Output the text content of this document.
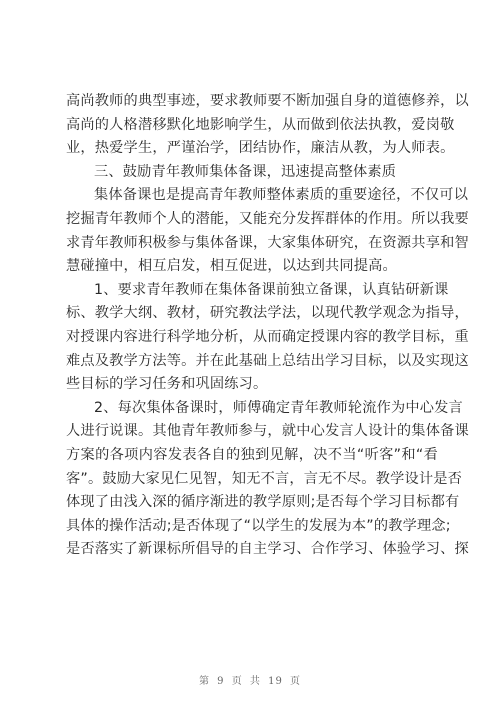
高尚教师的典型事迹，要求教师要不断加强自身的道德修养，以
高尚的人格潜移默化地影响学生，从而做到依法执教，爱岗敬
业，热爱学生，严谨治学，团结协作，廉洁从教，为人师表。
三、鼓励青年教师集体备课，迅速提高整体素质
集体备课也是提高青年教师整体素质的重要途径，不仅可以
挖掘青年教师个人的潜能，又能充分发挥群体的作用。所以我要
求青年教师积极参与集体备课，大家集体研究，在资源共享和智
慧碰撞中，相互启发，相互促进，以达到共同提高。
1、要求青年教师在集体备课前独立备课，认真钻研新课
标、教学大纲、教材，研究教法学法，以现代教学观念为指导，
对授课内容进行科学地分析，从而确定授课内容的教学目标，重
难点及教学方法等。并在此基础上总结出学习目标，以及实现这
些目标的学习任务和巩固练习。
2、每次集体备课时，师傅确定青年教师轮流作为中心发言
人进行说课。其他青年教师参与，就中心发言人设计的集体备课
方案的各项内容发表各自的独到见解，决不当“听客”和“看
客”。鼓励大家见仁见智，知无不言，言无不尽。教学设计是否
体现了由浅入深的循序渐进的教学原则;是否每个学习目标都有
具体的操作活动;是否体现了“以学生的发展为本”的教学理念;
是否落实了新课标所倡导的自主学习、合作学习、体验学习、探
第 9 页 共 19 页
